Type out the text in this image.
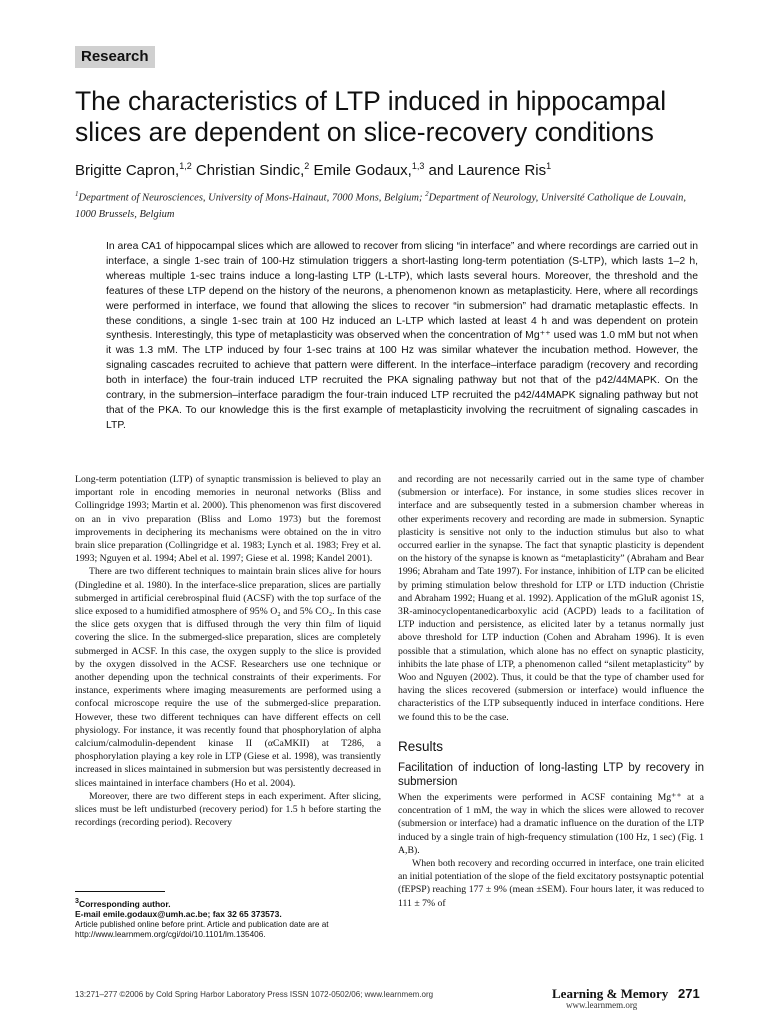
Research
The characteristics of LTP induced in hippocampal slices are dependent on slice-recovery conditions
Brigitte Capron,$^{1,2}$ Christian Sindic,$^2$ Emile Godaux,$^{1,3}$ and Laurence Ris$^1$
$^1$Department of Neurosciences, University of Mons-Hainaut, 7000 Mons, Belgium; $^2$Department of Neurology, Université Catholique de Louvain, 1000 Brussels, Belgium
In area CA1 of hippocampal slices which are allowed to recover from slicing “in interface” and where recordings are carried out in interface, a single 1-sec train of 100-Hz stimulation triggers a short-lasting long-term potentiation (S-LTP), which lasts 1–2 h, whereas multiple 1-sec trains induce a long-lasting LTP (L-LTP), which lasts several hours. Moreover, the threshold and the features of these LTP depend on the history of the neurons, a phenomenon known as metaplasticity. Here, where all recordings were performed in interface, we found that allowing the slices to recover “in submersion” had dramatic metaplastic effects. In these conditions, a single 1-sec train at 100 Hz induced an L-LTP which lasted at least 4 h and was dependent on protein synthesis. Interestingly, this type of metaplasticity was observed when the concentration of Mg⁺⁺ used was 1.0 mM but not when it was 1.3 mM. The LTP induced by four 1-sec trains at 100 Hz was similar whatever the incubation method. However, the signaling cascades recruited to achieve that pattern were different. In the interface–interface paradigm (recovery and recording both in interface) the four-train induced LTP recruited the PKA signaling pathway but not that of the p42/44MAPK. On the contrary, in the submersion–interface paradigm the four-train induced LTP recruited the p42/44MAPK signaling pathway but not that of the PKA. To our knowledge this is the first example of metaplasticity involving the recruitment of signaling cascades in LTP.

Long-term potentiation (LTP) of synaptic transmission is believed to play an important role in encoding memories in neuronal networks (Bliss and Collingridge 1993; Martin et al. 2000). This phenomenon was first discovered on an in vivo preparation (Bliss and Lomo 1973) but the foremost improvements in deciphering its mechanisms were obtained on the in vitro brain slice preparation (Collingridge et al. 1983; Lynch et al. 1983; Frey et al. 1993; Nguyen et al. 1994; Abel et al. 1997; Giese et al. 1998; Kandel 2001).

There are two different techniques to maintain brain slices alive for hours (Dingledine et al. 1980). In the interface-slice preparation, slices are partially submerged in artificial cerebrospinal fluid (ACSF) with the top surface of the slice exposed to a humidified atmosphere of 95% O₂ and 5% CO₂. In this case the slice gets oxygen that is diffused through the very thin film of liquid covering the slice. In the submerged-slice preparation, slices are completely submerged in ACSF. In this case, the oxygen supply to the slice is provided by the oxygen dissolved in the ACSF. Researchers use one technique or another depending upon the technical constraints of their experiments. For instance, experiments where imaging measurements are performed using a confocal microscope require the use of the submerged-slice preparation. However, these two different techniques can have different effects on cell physiology. For instance, it was recently found that phosphorylation of alpha calcium/calmodulin-dependent kinase II (αCaMKII) at T286, a phosphorylation playing a key role in LTP (Giese et al. 1998), was transiently increased in slices maintained in submersion but was persistently decreased in slices maintained in interface chambers (Ho et al. 2004).

Moreover, there are two different steps in each experiment. After slicing, slices must be left undisturbed (recovery period) for 1.5 h before starting the recordings (recording period). Recovery

and recording are not necessarily carried out in the same type of chamber (submersion or interface). For instance, in some studies slices recover in interface and are subsequently tested in a submersion chamber whereas in other experiments recovery and recording are made in submersion. Synaptic plasticity is sensitive not only to the induction stimulus but also to what occurred earlier in the synapse. The fact that synaptic plasticity is dependent on the history of the synapse is known as “metaplasticity” (Abraham and Bear 1996; Abraham and Tate 1997). For instance, inhibition of LTP can be elicited by priming stimulation below threshold for LTP or LTD induction (Christie and Abraham 1992; Huang et al. 1992). Application of the mGluR agonist 1S, 3R-aminocyclopentanedicarboxylic acid (ACPD) leads to a facilitation of LTP induction and persistence, as elicited later by a tetanus normally just above threshold for LTP induction (Cohen and Abraham 1996). It is even possible that a stimulation, which alone has no effect on synaptic plasticity, inhibits the late phase of LTP, a phenomenon called “silent metaplasticity” by Woo and Nguyen (2002). Thus, it could be that the type of chamber used for having the slices recovered (submersion or interface) would influence the characteristics of the LTP subsequently induced in interface conditions. Here we found this to be the case.

Results
Facilitation of induction of long-lasting LTP by recovery in submersion

When the experiments were performed in ACSF containing Mg⁺⁺ at a concentration of 1 mM, the way in which the slices were allowed to recover (submersion or interface) had a dramatic influence on the duration of the LTP induced by a single train of high-frequency stimulation (100 Hz, 1 sec) (Fig. 1 A,B).

When both recovery and recording occurred in interface, one train elicited an initial potentiation of the slope of the field excitatory postsynaptic potential (fEPSP) reaching 177 ± 9% (mean ±SEM). Four hours later, it was reduced to 111 ± 7% of

$^3$Corresponding author.
E-mail emile.godaux@umh.ac.be; fax 32 65 373573.
Article published online before print. Article and publication date are at http://www.learnmem.org/cgi/doi/10.1101/lm.135406.
13:271–277 ©2006 by Cold Spring Harbor Laboratory Press ISSN 1072-0502/06; www.learnmem.org	Learning & Memory 271
www.learnmem.org
